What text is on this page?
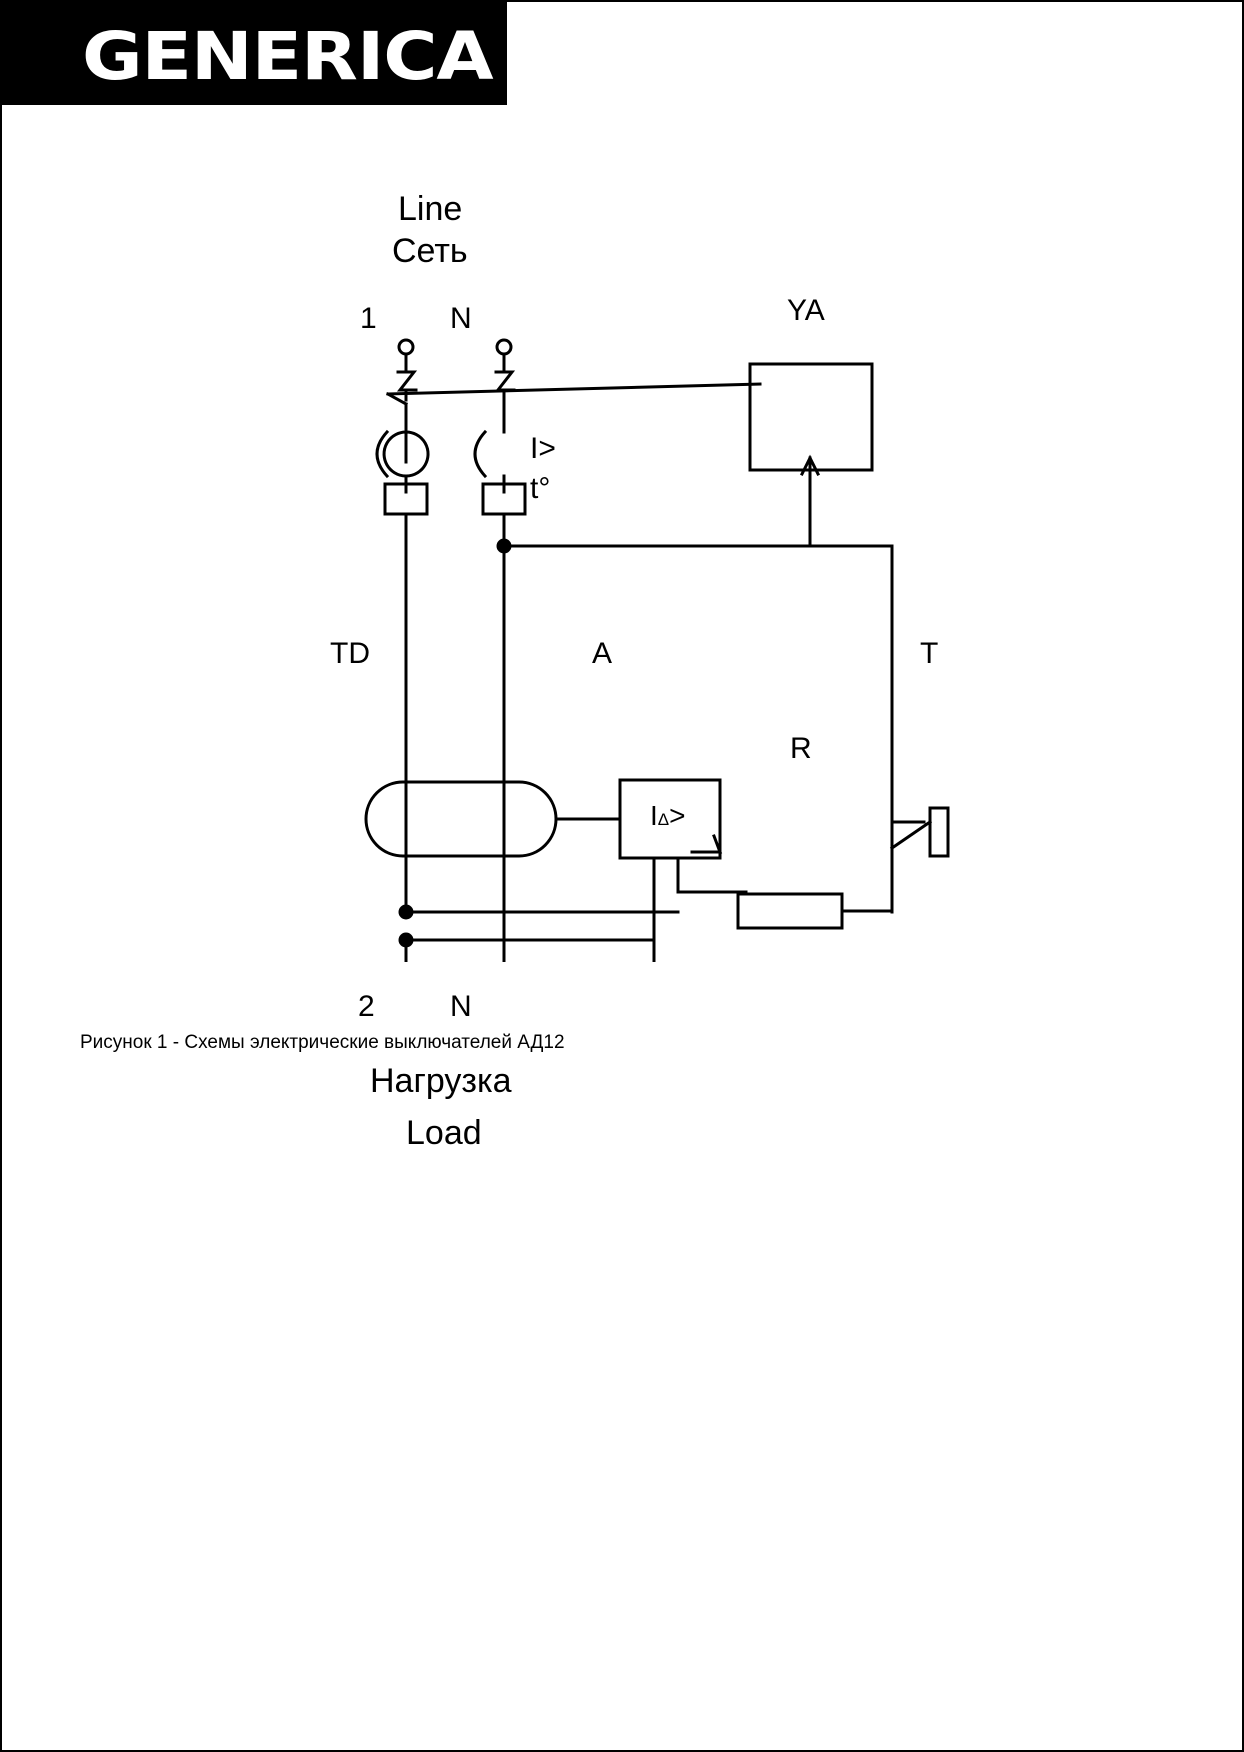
GENERICA
Line
Сеть
1 N	YA
I>
t°
TD	A	T
R
IΔ>
2	N
Нагрузка
Load
Рисунок 1 - Схемы электрические выключателей АД12
